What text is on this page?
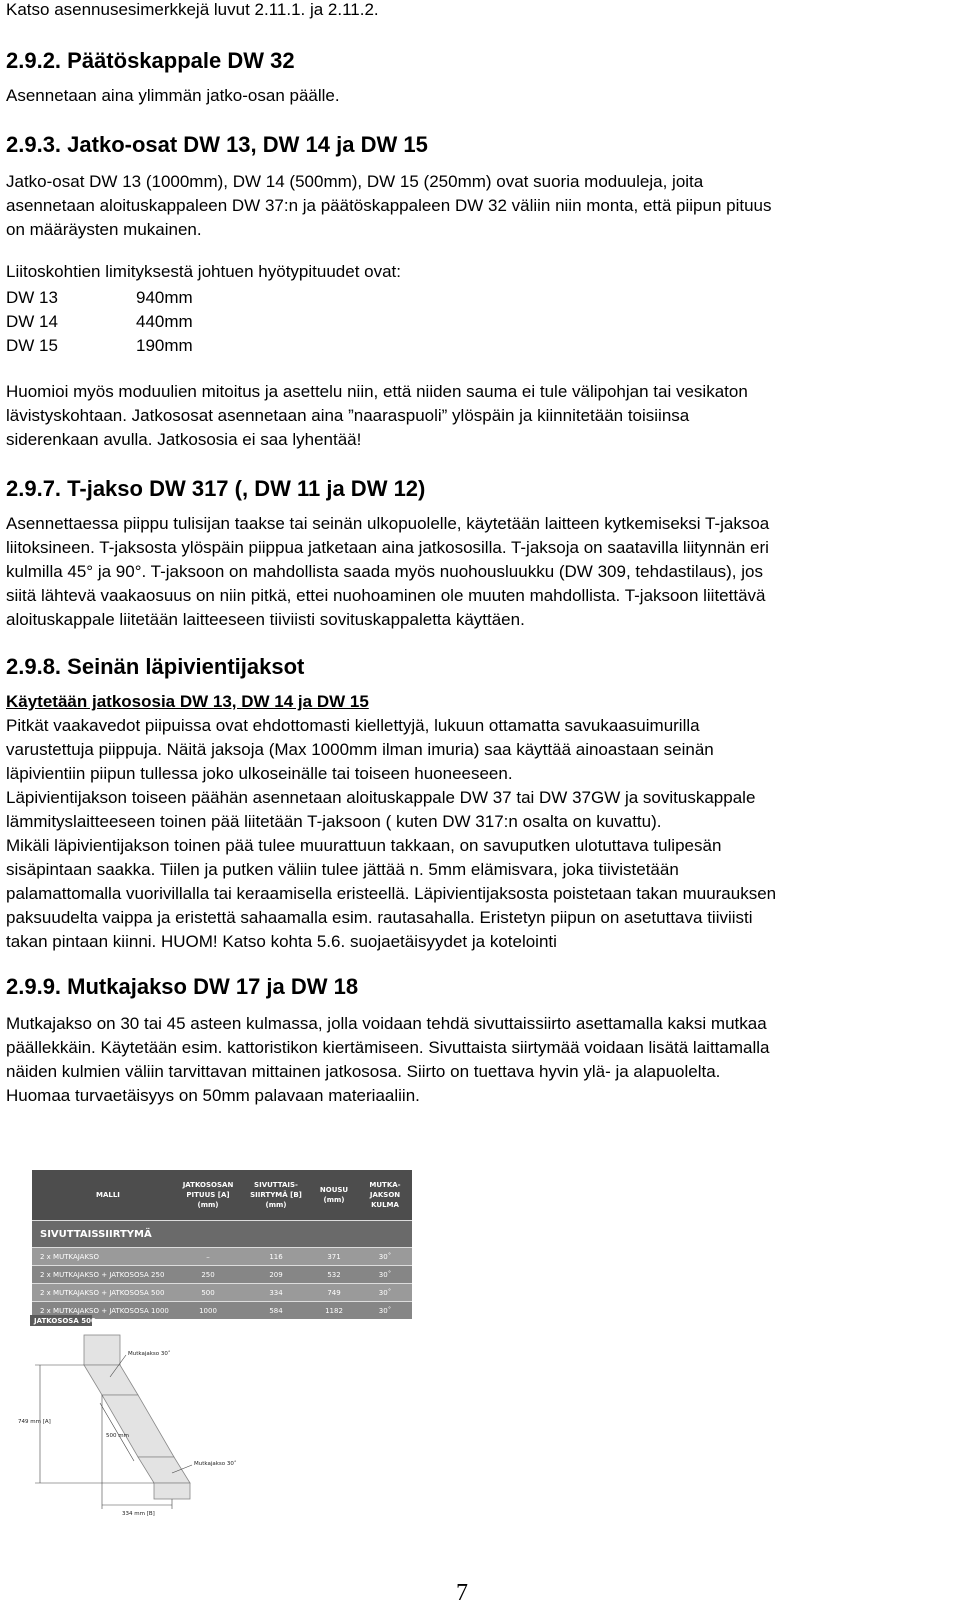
Katso asennusesimerkkejä luvut 2.11.1. ja 2.11.2.
2.9.2. Päätöskappale DW 32
Asennetaan aina ylimmän jatko-osan päälle.
2.9.3. Jatko-osat DW 13, DW 14 ja DW 15
Jatko-osat DW 13 (1000mm), DW 14 (500mm), DW 15 (250mm) ovat suoria moduuleja, joita
asennetaan aloituskappaleen DW 37:n ja päätöskappaleen DW 32 väliin niin monta, että piipun pituus
on määräysten mukainen.
Liitoskohtien limityksestä johtuen hyötypituudet ovat:
Huomioi myös moduulien mitoitus ja asettelu niin, että niiden sauma ei tule välipohjan tai vesikaton
lävistyskohtaan. Jatkososat asennetaan aina ”naaraspuoli” ylöspäin ja kiinnitetään toisiinsa
siderenkaan avulla. Jatkososia ei saa lyhentää!
2.9.7. T-jakso DW 317 (, DW 11 ja DW 12)
Asennettaessa piippu tulisijan taakse tai seinän ulkopuolelle, käytetään laitteen kytkemiseksi T-jaksoa
liitoksineen. T-jaksosta ylöspäin piippua jatketaan aina jatkososilla. T-jaksoja on saatavilla liitynnän eri
kulmilla 45° ja 90°. T-jaksoon on mahdollista saada myös nuohousluukku (DW 309, tehdastilaus), jos
siitä lähtevä vaakaosuus on niin pitkä, ettei nuohoaminen ole muuten mahdollista. T-jaksoon liitettävä
aloituskappale liitetään laitteeseen tiiviisti sovituskappaletta käyttäen.
2.9.8. Seinän läpivientijaksot
Käytetään jatkososia DW 13, DW 14 ja DW 15
Pitkät vaakavedot piipuissa ovat ehdottomasti kiellettyjä, lukuun ottamatta savukaasuimurilla
varustettuja piippuja. Näitä jaksoja (Max 1000mm ilman imuria) saa käyttää ainoastaan seinän
läpivientiin piipun tullessa joko ulkoseinälle tai toiseen huoneeseen.
Läpivientijakson toiseen päähän asennetaan aloituskappale DW 37 tai DW 37GW ja sovituskappale
lämmityslaitteeseen toinen pää liitetään T-jaksoon ( kuten DW 317:n osalta on kuvattu).
Mikäli läpivientijakson toinen pää tulee muurattuun takkaan, on savuputken ulotuttava tulipesän
sisäpintaan saakka. Tiilen ja putken väliin tulee jättää n. 5mm elämisvara, joka tiivistetään
palamattomalla vuorivillalla tai keraamisella eristeellä. Läpivientijaksosta poistetaan takan muurauksen
paksuudelta vaippa ja eristettä sahaamalla esim. rautasahalla. Eristetyn piipun on asetuttava tiiviisti
takan pintaan kiinni. HUOM! Katso kohta 5.6. suojaetäisyydet ja kotelointi
2.9.9. Mutkajakso DW 17 ja DW 18
Mutkajakso on 30 tai 45 asteen kulmassa, jolla voidaan tehdä sivuttaissiirto asettamalla kaksi mutkaa
päällekkäin. Käytetään esim. kattoristikon kiertämiseen. Sivuttaista siirtymää voidaan lisätä laittamalla
näiden kulmien väliin tarvittavan mittainen jatkososa. Siirto on tuettava hyvin ylä- ja alapuolelta.
Huomaa turvaetäisyys on 50mm palavaan materiaaliin.
DW 13	940mm
DW 14	440mm
DW 15	190mm
MALLI	JATKOSOSAN PITUUS [A] (mm)	SIVUTTAIS-SIIRTYMÄ [B] (mm)	NOUSU (mm)	MUTKA-JAKSON KULMA
SIVUTTAISSIIRTYMÄ				
2 x MUTKAJAKSO	–	116	371	30˚
2 x MUTKAJAKSO + JATKOSOSA 250	250	209	532	30˚
2 x MUTKAJAKSO + JATKOSOSA 500	500	334	749	30˚
2 x MUTKAJAKSO + JATKOSOSA 1000	1000	584	1182	30˚
JATKOSOSA 500
Mutkajakso 30˚
749 mm [A]
500 mm
Mutkajakso 30˚
334 mm [B]
7
